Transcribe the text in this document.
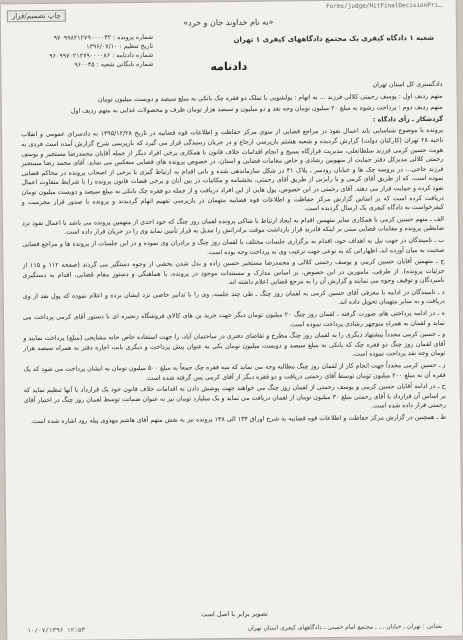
Forms/judge/HitFinalDecisionPri…
چاپ تصمیم/قرار
«به نام خداوند جان و خرد»
شماره پرونده : ۹۷۰۹۹۸۲۱۲۷۹۰۰۰۰۴۲
تاریخ تنظیم : ۱۳۹۶/۰۷/۱۰
شماره دادنامه : ۹۶۰۹۹۷۰۲۱۲۷۹۰۰۰۰۸۶
شماره بایگانی شعبه : ۹۶۰۰۴۵
شعبه ۱ دادگاه کیفری یک مجتمع دادگاههای کیفری ۱ تهران
دادنامه

دادگستری کل استان تهران

متهم ردیف اول : پوسف رحمتی کلالی فرزند ... به اتهام : پولشویی با تملک دو فقره چک بانکی به مبلغ سیصد و دویست میلیون تومان

متهم ردیف دوم : پرداخت رشوه به مبلغ ۲۰ میلیون تومان وجه نقد و دو میلیون و سیصد هزار تومان ظرف و محصولات غذایی به متهم ردیف اول

گردشکار ـ رأی دادگاه :

پرونده با موضوع شناسایی باند اعمال نفوذ در مراجع قضایی از سوی مرکز حفاظت و اطلاعات قوه قضاییه در تاریخ ۱۳۹۵/۱۲/۲۸ به دادسرای عمومی و انقلاب ناحیه ۲۸ تهران (کارکنان دولت) گزارش گردیده و شعبه هشتم بازپرسی ارجاع و در جریان رسیدگی قرار می گیرد که بازپرسی شرح گزارش آمده است فردی به هویت حسین کرمی فرزند سلطانعلی، مدیریت قرارگاه بسیج و انجام اقدامات خلاف قانون با همکاری برخی افراد دیگر از جمله آقایان محمدرضا مستجیر و یوسف رحمتی کلالی مدیرکل دفتر حمایت از منهوبین رشادی و خاص مقامات قضایی و استان، در خصوص پرونده های قضایی منعکس می نماید. آقای محمد رضا مستجیر فرزند حاجی... در پروسه چک ها و خیابان رودسر ـ پلاک ۴۱ در شکل سازماندهی شده و بانی اقدام به ارتباط گیری با برخی از اصحاب پرونده در محاکم قضایی نموده است، که از طریق آقای کرمی و با رایزنی از طریق آقای رحمتی، بخشنامه و مکاتبات در بین آنان و برخی قضات قانون پرونده را با شرایط متفاوت اعمال نفوذ کرده و حمایت قرار می دهند. آقای رحمتی در این خصوص، پول هایی از این افراد دریافت و از جمله دو فقره چک بانکی به مبلغ سیصد و دویست میلیون تومان دریافت کرده است که بر اساس گزارش مرکز حفاظت و اطلاعات قوه قضاییه متهمان در بازپرسی تفهیم اتهام گردیدند و پرونده با صدور قرار مجرمیت و کیفرخواست به دادگاه کیفری یک ارسال گردیده است.

الف ـ متهم حسین کرمی با همکاری سایر متهمین اقدام به ایجاد ارتباط با شاکی پرونده لقمان روز چنگ که خود احدی از متهمین پرونده می باشد با اعمال نفوذ نزد ضابطین پرونده و مقامات قضایی مبنی بر اینکه قادرند قرار بازداشت موقت برادرانش را تبدیل به قرار تأمین نماید وی را در جریان قرار داده است.

ب ـ تامیندگان در جهت نیل به اهداف خود، اقدام به برگزاری جلسات مختلف با لقمان روز چنگ و برادران وی نموده و در این جلسات از پرونده ها و مراجع قضایی صحبت به میان آورده اند، اظهاراتی که به نوعی جهت ترغیب وی به پرداخت وجه بوده است.

ج ـ متهمین آقایان حسین کرمی و یوسف رحمتی کلالی و محمدرضا مستجیر حسین زاده و بدل شدن بخشی از وجوه دستگیر می گردند (صفحه ۱۱۲ و ۱۱۵ از جزئیات پرونده). از طرفی، مامورین در این خصوص، بر اساس مدارک و مستندات موجود در پرونده، با هماهنگی و دستور مقام قضایی، اقدام به دستگیری نامبردگان و توقیف وجوه می نمایند و گزارش آن را به مرجع قضایی اعلام داشته اند.

د ـ تامیندگان در ادامه با معرفی آقای حسین کرمی به لقمان روز چنگ ـ طی چند جلسه، وی را با تدابیر خاصی نزد ایشان برده و اعلام نموده که پول نقد از وی دریافت و به سایر متهمان تحویل داده اند.

ه ـ در ادامه پرداختی های صورت گرفته ، لقمان روز چنگ ۲۰ میلیون تومان دیگر جهت خرید بن های کالای فروشگاه زنجیره ای با دستور آقای کرمی پرداخت می نماید و لقمان به همراه منوچهر رشادی پرداخت نموده است.

و ـ حسین کرمی مجدداً پیشنهاد دیگری را به لقمان روز چنگ مطرح و تقاضای دفتری در ساختمان آباد، را جهت استفاده خاص خانه مشایخی (مبلغ) پرداخت نمایند و آقای لقمان روز چنگ دو فقره چک که بانکی به مبلغ سیصد و دویست میلیون تومان یکی به عنوان پیش پرداخت و دیگری بابت اجاره دفتر به همراه سیصد هزار تومان وجه نقد پرداخت نموده است.

ز ـ حسین کرمی مجدداً جهت انجام کار از لقمان روز چنگ مطالبه وجه می نماید که سه فقره چک جمعاً به مبلغ ۵۰۰ میلیون تومان به ایشان پرداخت می شود که یک فقره آن به مبلغ ۲۰۰ میلیون تومان توسط آقای رحمتی دریافت و دو فقره دیگر از آقای کرمی پس گرفته شده است.

ح ـ در ادامه آقایان حسین کرمی و یوسف رحمتی از لقمان روز چنگ می خواهند جهت پوشش دادن به اقدامات خلاف قانون خود یک قرارداد با آنها تنظیم نماید که بر اساس آن قرارداد با آقای رحمتی مبلغ ۳۰ میلیون تومان از لقمان دریافت می نماید و یک میلیارد تومان نیز به عنوان ضمانت توسط لقمان روز چنگ در اختیار آقای رحمتی قرار داده شده است.

ط ـ همچنین در گزارش مرکز حفاظت و اطلاعات قوه قضاییه به شرح اوراق ۱۳۴ الی ۱۳۸ پرونده نیز به نقش متهم آقای هاشم مهدوی پیله رود اشاره شده است.

تصویر برابر با اصل است
نشانی : تهران ـ خیابان ... ـ مجتمع امام خمینی ـ دادگاههای کیفری استان تهران
۱۰/۰۷/۱۳۹۶ ۱۲:۵۳
